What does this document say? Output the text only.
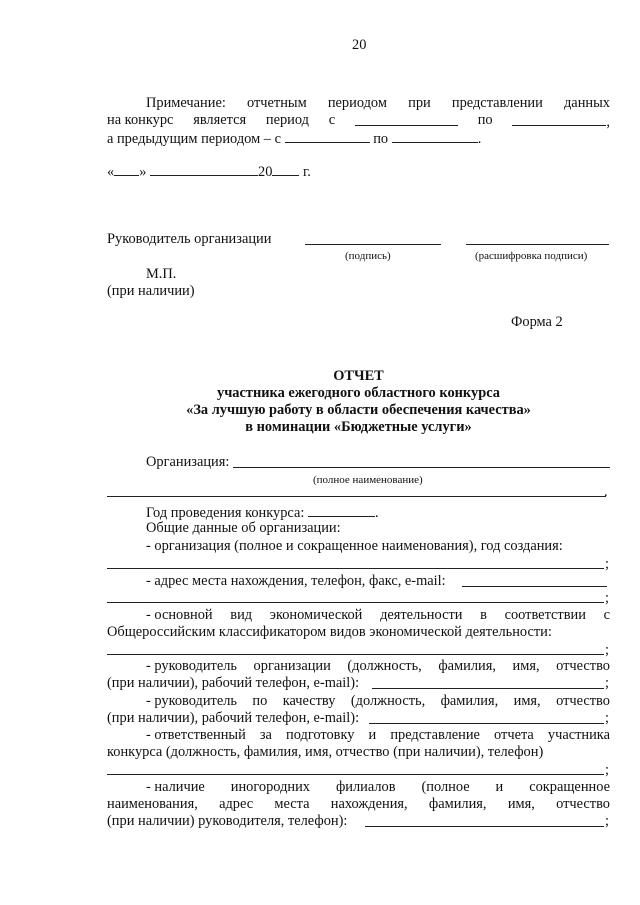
20
Примечание: отчетным периодом при представлении данных
на конкурс является период с	по	,
а предыдущим периодом – с	по	.
« »	20 г.
Руководитель организации
(подпись)	(расшифровка подписи)
М.П.
(при наличии)
Форма 2
ОТЧЕТ
участника ежегодного областного конкурса
«За лучшую работу в области обеспечения качества»
в номинации «Бюджетные услуги»
Организация:
(полное наименование)
.
Год проведения конкурса:	.
Общие данные об организации:
- организация (полное и сокращенное наименования), год создания:
;
- адрес места нахождения, телефон, факс, e-mail:
;
- основной вид экономической деятельности в соответствии с
Общероссийским классификатором видов экономической деятельности:
;
- руководитель организации (должность, фамилия, имя, отчество
(при наличии), рабочий телефон, e-mail):	;
- руководитель по качеству (должность, фамилия, имя, отчество
(при наличии), рабочий телефон, e-mail):	;
- ответственный за подготовку и представление отчета участника
конкурса (должность, фамилия, имя, отчество (при наличии), телефон)
;
- наличие иногородних филиалов (полное и сокращенное
наименования, адрес места нахождения, фамилия, имя, отчество
(при наличии) руководителя, телефон):	;
